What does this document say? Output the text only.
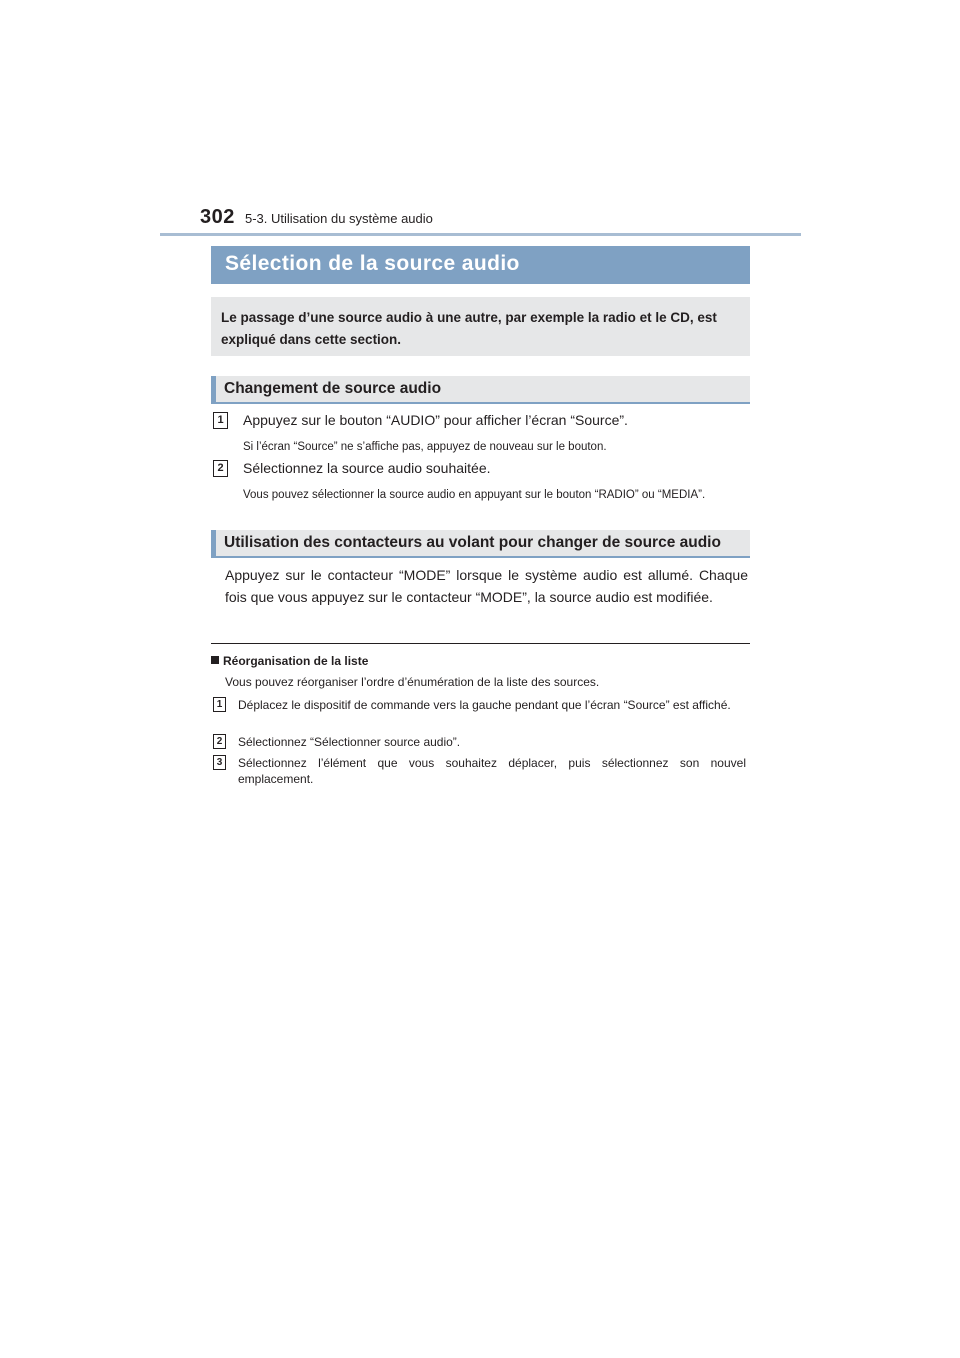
302 5-3. Utilisation du système audio
Sélection de la source audio
Le passage d’une source audio à une autre, par exemple la radio et le CD, est expliqué dans cette section.
Changement de source audio
1	Appuyez sur le bouton “AUDIO” pour afficher l’écran “Source”.
Si l’écran “Source” ne s’affiche pas, appuyez de nouveau sur le bouton.
2	Sélectionnez la source audio souhaitée.
Vous pouvez sélectionner la source audio en appuyant sur le bouton “RADIO” ou “MEDIA”.
Utilisation des contacteurs au volant pour changer de source audio
Appuyez sur le contacteur “MODE” lorsque le système audio est allumé. Chaque fois que vous appuyez sur le contacteur “MODE”, la source audio est modifiée.
Réorganisation de la liste
Vous pouvez réorganiser l’ordre d’énumération de la liste des sources.
1	Déplacez le dispositif de commande vers la gauche pendant que l’écran “Source” est affiché.
2	Sélectionnez “Sélectionner source audio”.
3	Sélectionnez l’élément que vous souhaitez déplacer, puis sélectionnez son nouvel emplacement.
